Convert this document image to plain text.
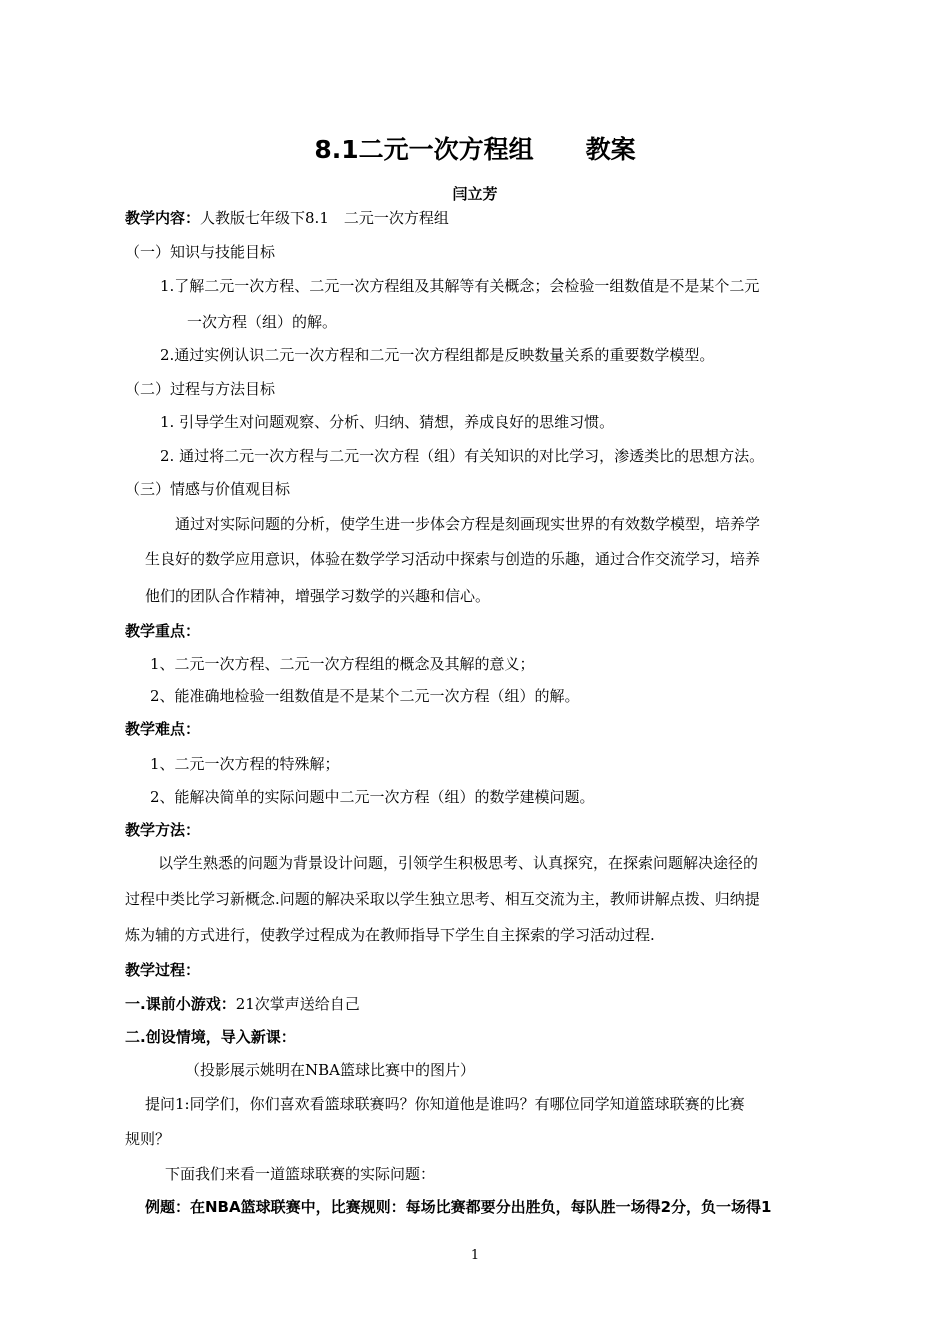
8.1二元一次方程组 教案
闫立芳
教学内容：人教版七年级下8.1　二元一次方程组
（一）知识与技能目标
1.了解二元一次方程、二元一次方程组及其解等有关概念；会检验一组数值是不是某个二元
一次方程（组）的解。
2.通过实例认识二元一次方程和二元一次方程组都是反映数量关系的重要数学模型。
（二）过程与方法目标
1. 引导学生对问题观察、分析、归纳、猜想，养成良好的思维习惯。
2. 通过将二元一次方程与二元一次方程（组）有关知识的对比学习，渗透类比的思想方法。
（三）情感与价值观目标
通过对实际问题的分析，使学生进一步体会方程是刻画现实世界的有效数学模型，培养学
生良好的数学应用意识，体验在数学学习活动中探索与创造的乐趣，通过合作交流学习，培养
他们的团队合作精神，增强学习数学的兴趣和信心。
教学重点：
1、二元一次方程、二元一次方程组的概念及其解的意义；
2、能准确地检验一组数值是不是某个二元一次方程（组）的解。
教学难点：
1、二元一次方程的特殊解；
2、能解决简单的实际问题中二元一次方程（组）的数学建模问题。
教学方法：
以学生熟悉的问题为背景设计问题，引领学生积极思考、认真探究，在探索问题解决途径的
过程中类比学习新概念.问题的解决采取以学生独立思考、相互交流为主，教师讲解点拨、归纳提
炼为辅的方式进行，使教学过程成为在教师指导下学生自主探索的学习活动过程.
教学过程：
一.课前小游戏：21次掌声送给自己
二.创设情境，导入新课：
（投影展示姚明在NBA篮球比赛中的图片）
提问1:同学们，你们喜欢看篮球联赛吗？你知道他是谁吗？有哪位同学知道篮球联赛的比赛
规则？
下面我们来看一道篮球联赛的实际问题：
例题：在NBA篮球联赛中，比赛规则：每场比赛都要分出胜负，每队胜一场得2分，负一场得1
1
